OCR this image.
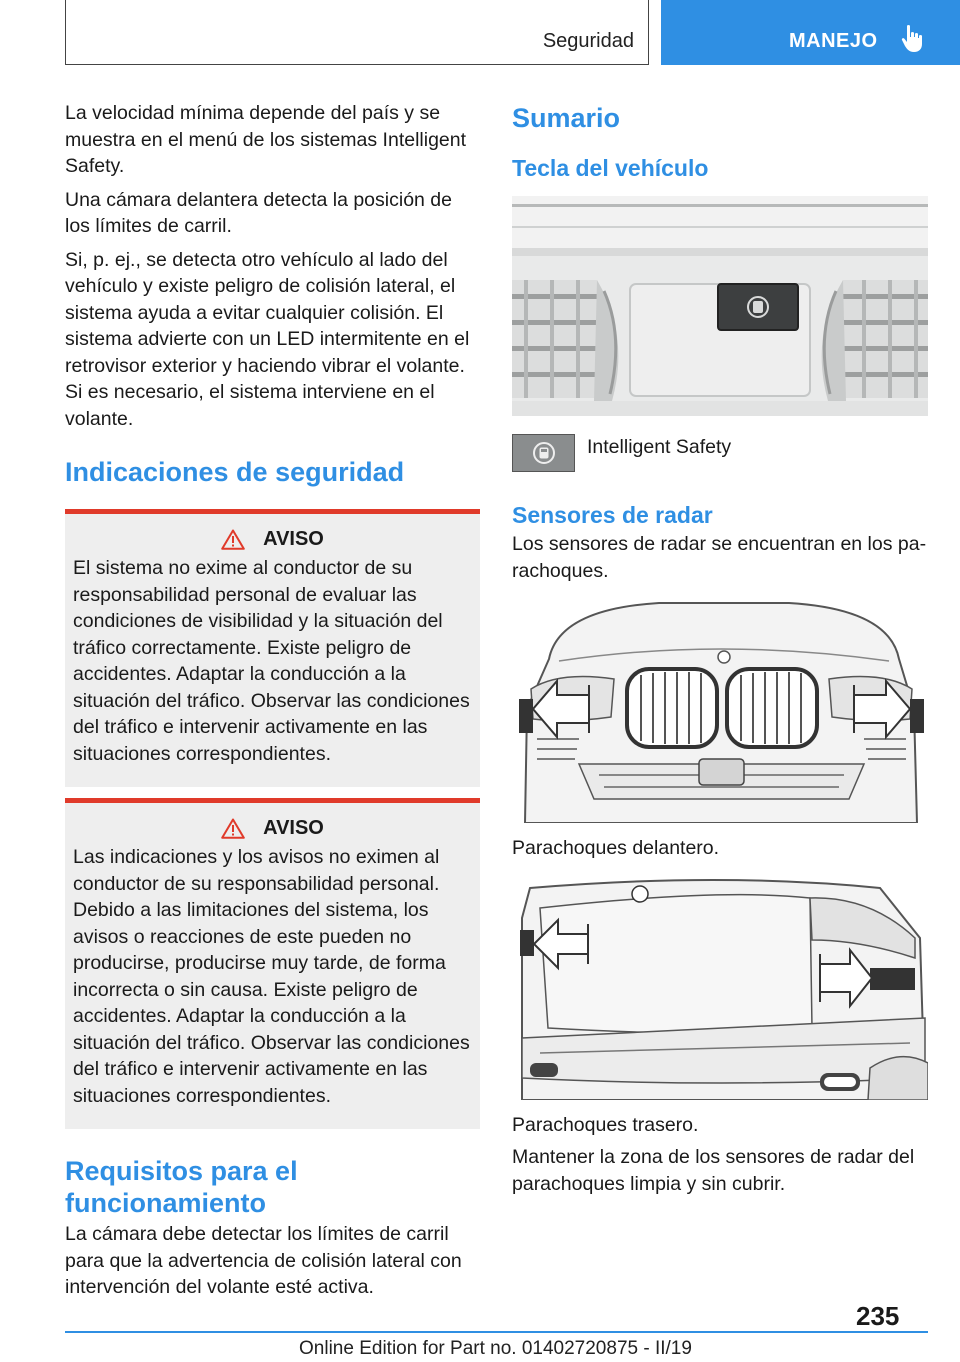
Seguridad	MANEJO

La velocidad mínima depende del país y se muestra en el menú de los sistemas Intelligent Safety.

Una cámara delantera detecta la posición de los límites de carril.

Si, p. ej., se detecta otro vehículo al lado del vehículo y existe peligro de colisión lateral, el sistema ayuda a evitar cualquier colisión. El sistema advierte con un LED intermitente en el retrovisor exterior y haciendo vibrar el volante. Si es necesario, el sistema interviene en el volante.

Indicaciones de seguridad
AVISO

El sistema no exime al conductor de su responsabilidad personal de evaluar las condiciones de visibilidad y la situación del tráfico correctamente. Existe peligro de accidentes. Adaptar la conducción a la situación del tráfico. Observar las condiciones del tráfico e intervenir activamente en las situaciones correspondientes.

AVISO

Las indicaciones y los avisos no eximen al conductor de su responsabilidad personal. Debido a las limitaciones del sistema, los avisos o reacciones de este pueden no producirse, producirse muy tarde, de forma incorrecta o sin causa. Existe peligro de accidentes. Adaptar la conducción a la situación del tráfico. Observar las condiciones del tráfico e intervenir activamente en las situaciones correspondientes.

Requisitos para el funcionamiento

La cámara debe detectar los límites de carril para que la advertencia de colisión lateral con intervención del volante esté activa.

Sumario
Tecla del vehículo
Intelligent Safety
Sensores de radar

Los sensores de radar se encuentran en los parachoques.

Parachoques delantero.

Parachoques trasero.

Mantener la zona de los sensores de radar del parachoques limpia y sin cubrir.

235
Online Edition for Part no. 01402720875 - II/19
